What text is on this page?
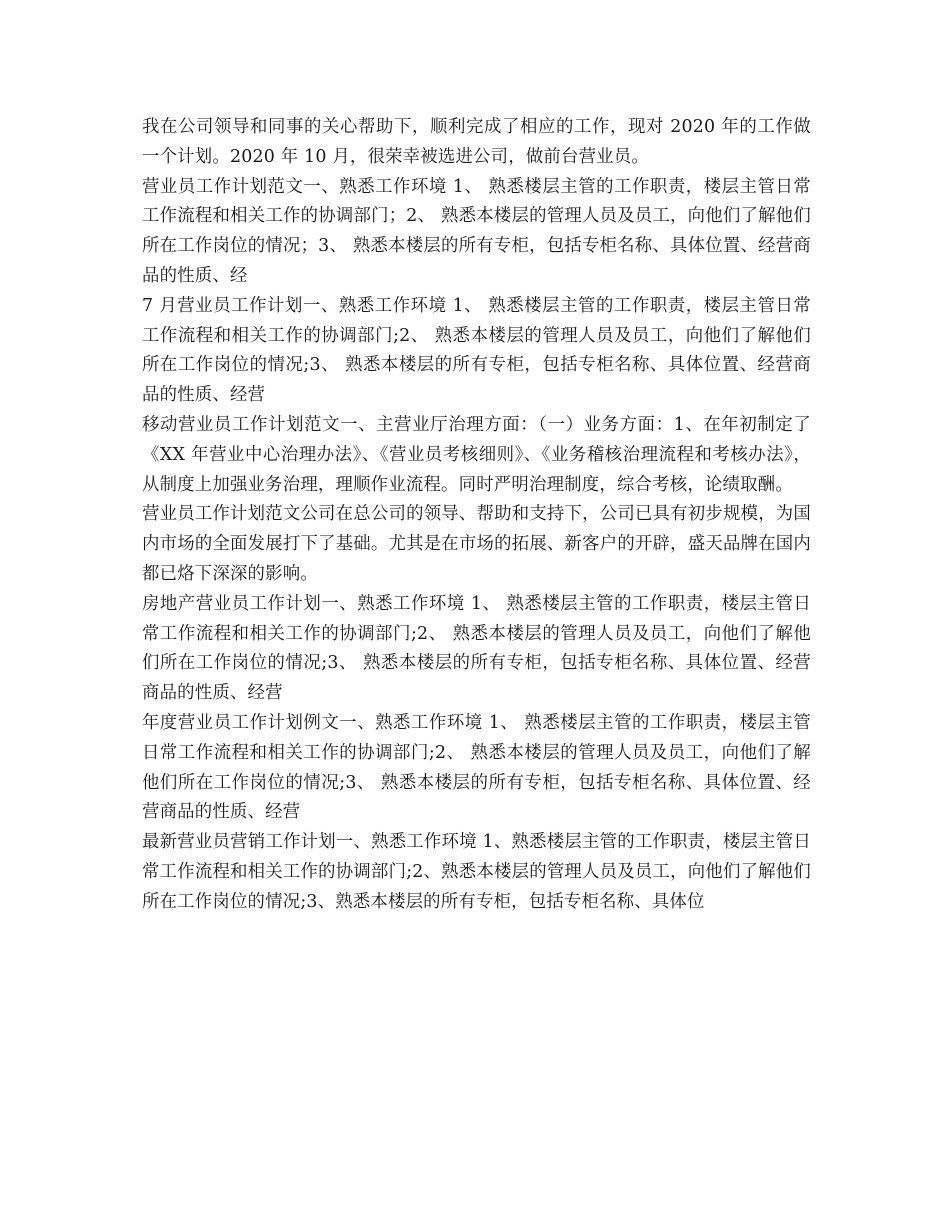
我在公司领导和同事的关心帮助下，顺利完成了相应的工作，现对 2020 年的工作做一个计划。2020 年 10 月，很荣幸被选进公司，做前台营业员。

营业员工作计划范文一、熟悉工作环境 1、 熟悉楼层主管的工作职责，楼层主管日常工作流程和相关工作的协调部门；2、 熟悉本楼层的管理人员及员工，向他们了解他们所在工作岗位的情况；3、 熟悉本楼层的所有专柜，包括专柜名称、具体位置、经营商品的性质、经

7 月营业员工作计划一、熟悉工作环境 1、 熟悉楼层主管的工作职责，楼层主管日常工作流程和相关工作的协调部门;2、 熟悉本楼层的管理人员及员工，向他们了解他们所在工作岗位的情况;3、 熟悉本楼层的所有专柜，包括专柜名称、具体位置、经营商品的性质、经营

移动营业员工作计划范文一、主营业厅治理方面：（一）业务方面：1、在年初制定了《XX 年营业中心治理办法》、《营业员考核细则》、《业务稽核治理流程和考核办法》，从制度上加强业务治理，理顺作业流程。同时严明治理制度，综合考核，论绩取酬。

营业员工作计划范文公司在总公司的领导、帮助和支持下，公司已具有初步规模，为国内市场的全面发展打下了基础。尤其是在市场的拓展、新客户的开辟，盛天品牌在国内都已烙下深深的影响。

房地产营业员工作计划一、熟悉工作环境 1、 熟悉楼层主管的工作职责，楼层主管日常工作流程和相关工作的协调部门;2、 熟悉本楼层的管理人员及员工，向他们了解他们所在工作岗位的情况;3、 熟悉本楼层的所有专柜，包括专柜名称、具体位置、经营商品的性质、经营

年度营业员工作计划例文一、熟悉工作环境 1、 熟悉楼层主管的工作职责，楼层主管日常工作流程和相关工作的协调部门;2、 熟悉本楼层的管理人员及员工，向他们了解他们所在工作岗位的情况;3、 熟悉本楼层的所有专柜，包括专柜名称、具体位置、经营商品的性质、经营

最新营业员营销工作计划一、熟悉工作环境 1、熟悉楼层主管的工作职责，楼层主管日常工作流程和相关工作的协调部门;2、熟悉本楼层的管理人员及员工，向他们了解他们所在工作岗位的情况;3、熟悉本楼层的所有专柜，包括专柜名称、具体位
